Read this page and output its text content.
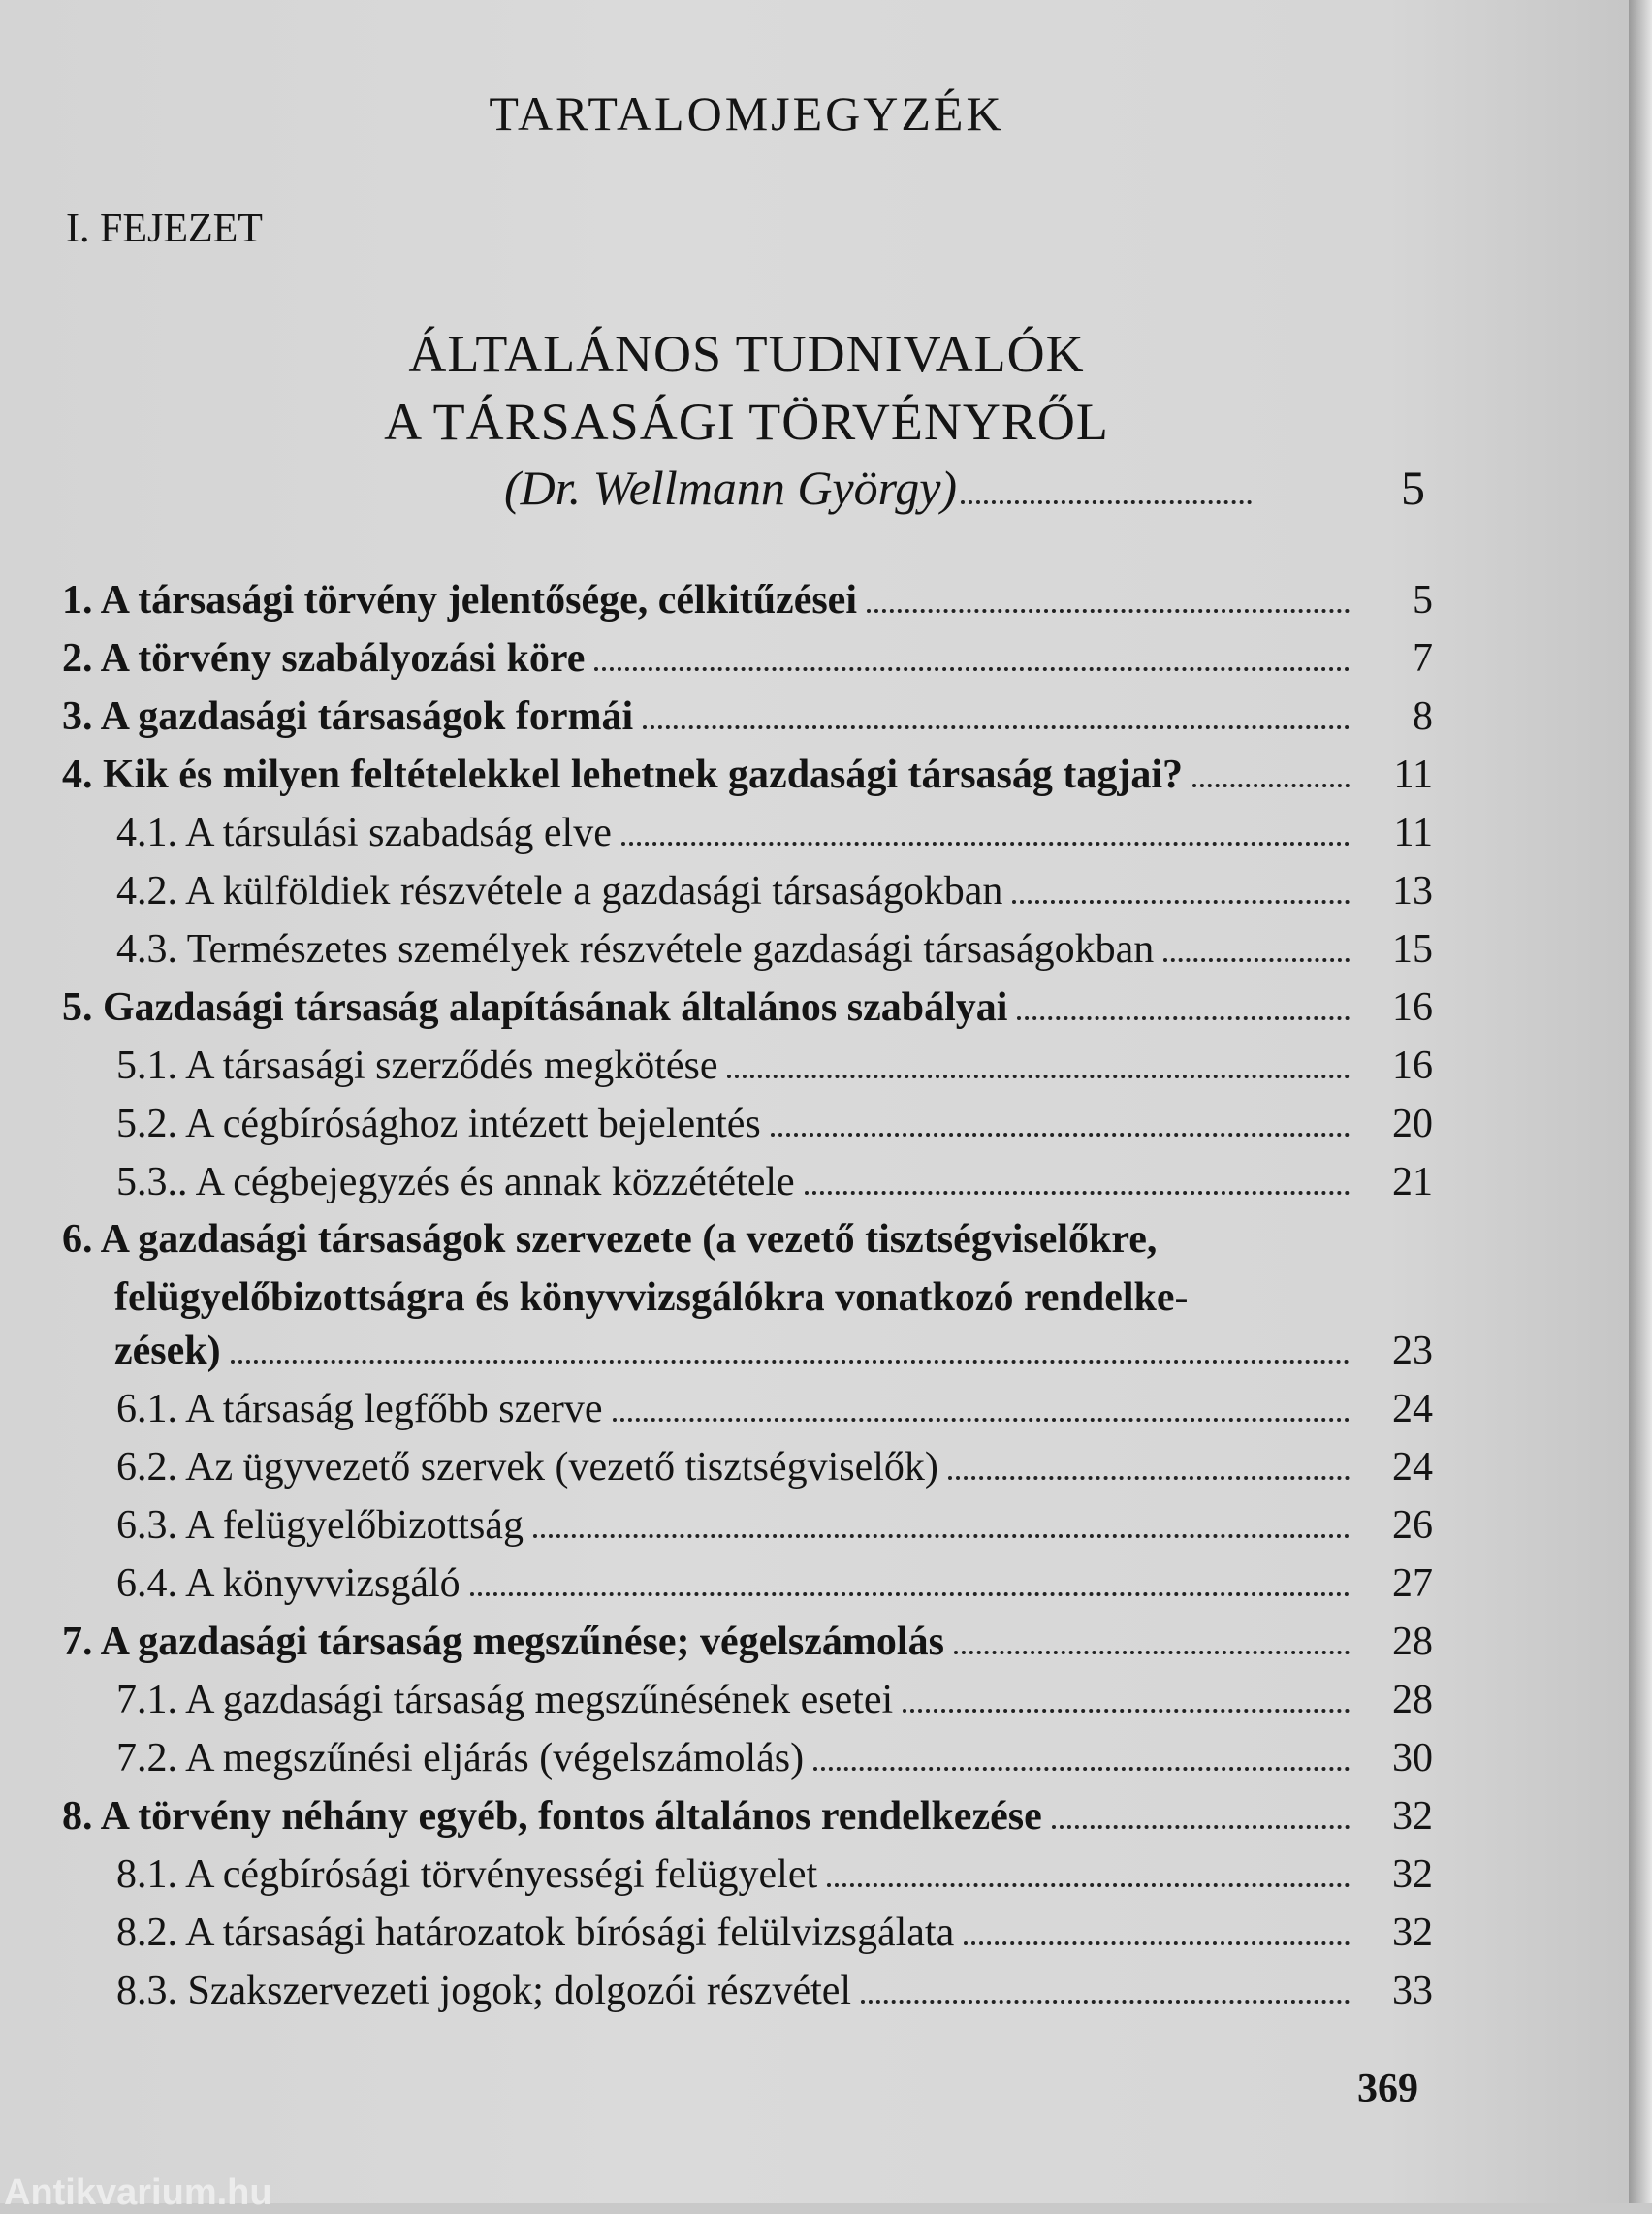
TARTALOMJEGYZÉK
I. FEJEZET
ÁLTALÁNOS TUDNIVALÓK
A TÁRSASÁGI TÖRVÉNYRŐL
(Dr. Wellmann György)	5
1. A társasági törvény jelentősége, célkitűzései	5
2. A törvény szabályozási köre	7
3. A gazdasági társaságok formái	8
4. Kik és milyen feltételekkel lehetnek gazdasági társaság tagjai?	11
4.1. A társulási szabadság elve	11
4.2. A külföldiek részvétele a gazdasági társaságokban	13
4.3. Természetes személyek részvétele gazdasági társaságokban	15
5. Gazdasági társaság alapításának általános szabályai	16
5.1. A társasági szerződés megkötése	16
5.2. A cégbírósághoz intézett bejelentés	20
5.3.. A cégbejegyzés és annak közzététele	21
6. A gazdasági társaságok szervezete (a vezető tisztségviselőkre,
felügyelőbizottságra és könyvvizsgálókra vonatkozó rendelke-
zések)	23
6.1. A társaság legfőbb szerve	24
6.2. Az ügyvezető szervek (vezető tisztségviselők)	24
6.3. A felügyelőbizottság	26
6.4. A könyvvizsgáló	27
7. A gazdasági társaság megszűnése; végelszámolás	28
7.1. A gazdasági társaság megszűnésének esetei	28
7.2. A megszűnési eljárás (végelszámolás)	30
8. A törvény néhány egyéb, fontos általános rendelkezése	32
8.1. A cégbírósági törvényességi felügyelet	32
8.2. A társasági határozatok bírósági felülvizsgálata	32
8.3. Szakszervezeti jogok; dolgozói részvétel	33
369
Antikvarium.hu
